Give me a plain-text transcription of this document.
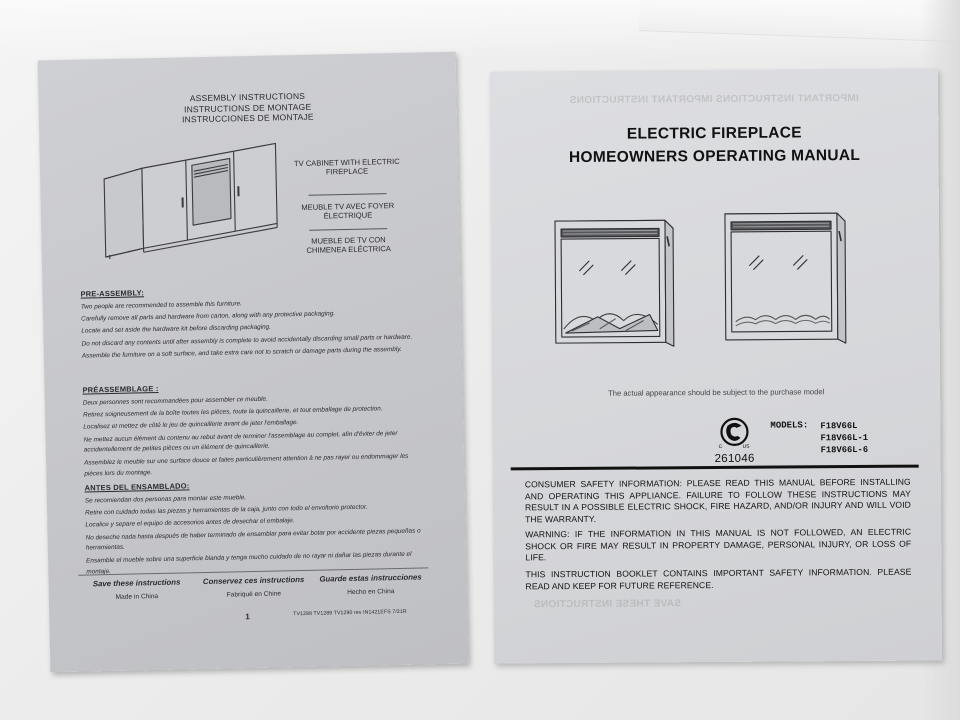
ASSEMBLY INSTRUCTIONS
INSTRUCTIONS DE MONTAGE
INSTRUCCIONES DE MONTAJE
TV CABINET WITH ELECTRIC FIREPLACE
MEUBLE TV AVEC FOYER ÉLECTRIQUE
MUEBLE DE TV CON CHIMENEA ELÉCTRICA
PRE-ASSEMBLY:

Two people are recommended to assemble this furniture.

Carefully remove all parts and hardware from carton, along with any protective packaging.

Locate and set aside the hardware kit before discarding packaging.

Do not discard any contents until after assembly is complete to avoid accidentally discarding small parts or hardware.

Assemble the furniture on a soft surface, and take extra care not to scratch or damage parts during the assembly.

PRÉASSEMBLAGE :

Deux personnes sont recommandées pour assembler ce meuble.

Retirez soigneusement de la boîte toutes les pièces, toute la quincaillerie, et tout emballage de protection.

Localisez et mettez de côté le jeu de quincaillerie avant de jeter l'emballage.

Ne mettez aucun élément du contenu au rebut avant de terminer l'assemblage au complet, afin d'éviter de jeter accidentellement de petites pièces ou un élément de quincaillerie.

Assemblez le meuble sur une surface douce et faites particulièrement attention à ne pas rayer ou endommager les pièces lors du montage.

ANTES DEL ENSAMBLADO:

Se recomiendan dos personas para montar este mueble.

Retire con cuidado todas las piezas y herramientas de la caja, junto con todo el envoltorio protector.

Localice y separe el equipo de accesorios antes de desechar el embalaje.

No deseche nada hasta después de haber terminado de ensamblar para evitar botar por accidente piezas pequeñas o herramientas.

Ensamble el mueble sobre una superficie blanda y tenga mucho cuidado de no rayar ni dañar las piezas durante el montaje.

Save these instructions
Made in China
Conservez ces instructions
Fabriqué en Chine
Guarde estas instrucciones
Hecho en China
1	TV1288 TV1289 TV1290 rev IN1421EFS 7/21R
IMPORTANT INSTRUCTIONS IMPORTANT INSTRUCTIONS
ELECTRIC FIREPLACE
HOMEOWNERS OPERATING MANUAL
The actual appearance should be subject to the purchase model
C	US
261046
MODELS: F18V66L
F18V66L-1
F18V66L-6
CONSUMER SAFETY INFORMATION: PLEASE READ THIS MANUAL BEFORE INSTALLING AND OPERATING THIS APPLIANCE. FAILURE TO FOLLOW THESE INSTRUCTIONS MAY RESULT IN A POSSIBLE ELECTRIC SHOCK, FIRE HAZARD, AND/OR INJURY AND WILL VOID THE WARRANTY.
WARNING: IF THE INFORMATION IN THIS MANUAL IS NOT FOLLOWED, AN ELECTRIC SHOCK OR FIRE MAY RESULT IN PROPERTY DAMAGE, PERSONAL INJURY, OR LOSS OF LIFE.
THIS INSTRUCTION BOOKLET CONTAINS IMPORTANT SAFETY INFORMATION. PLEASE READ AND KEEP FOR FUTURE REFERENCE.
SAVE THESE INSTRUCTIONS
